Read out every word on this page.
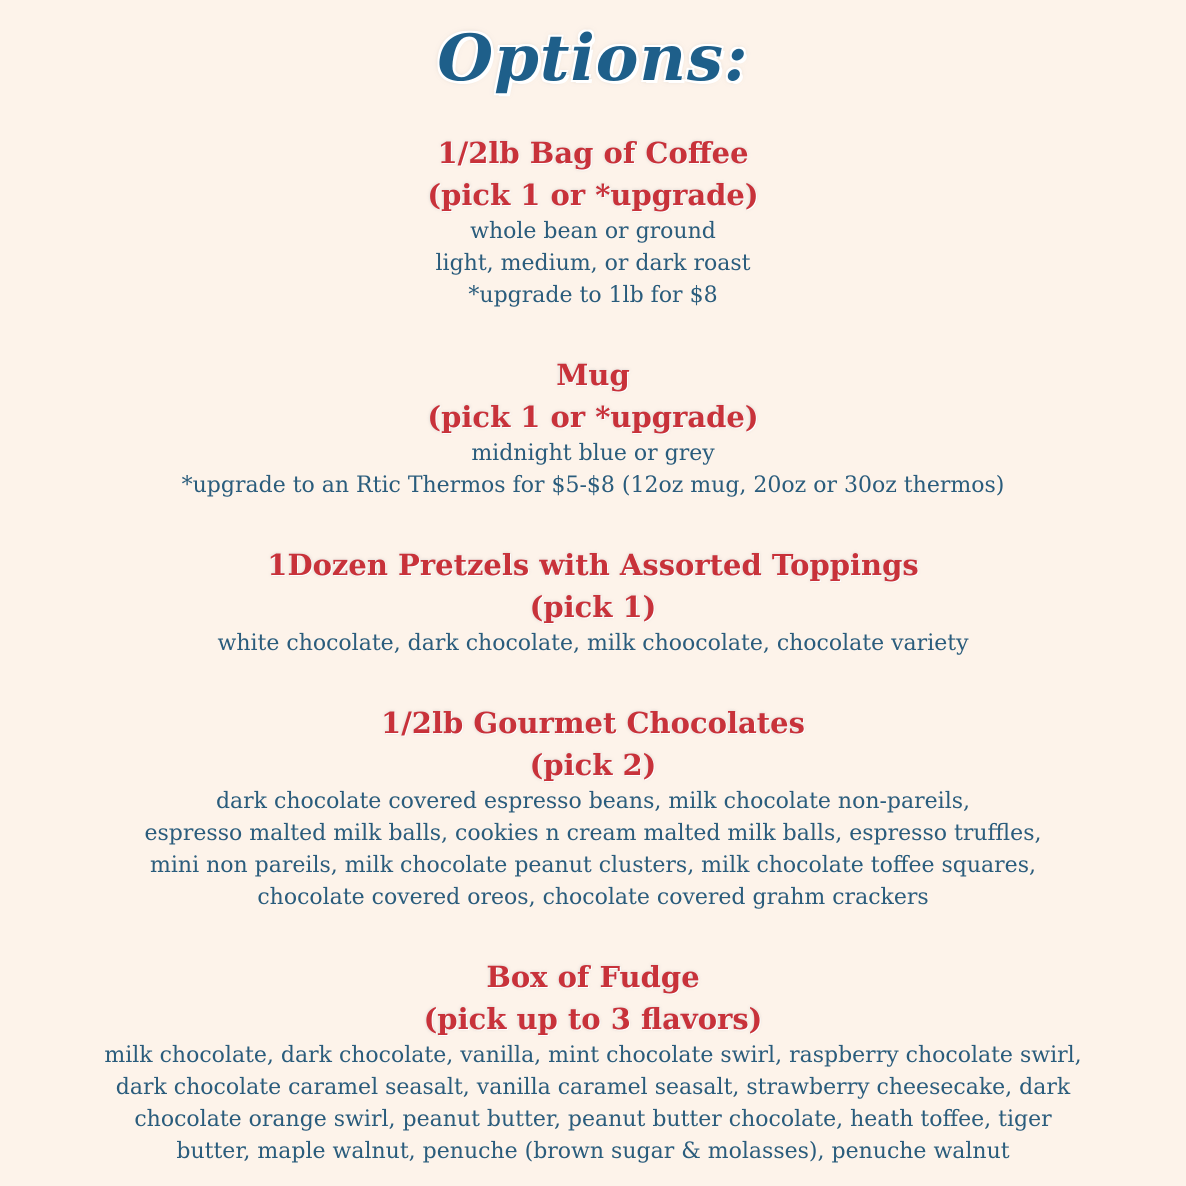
Options:

1/2lb Bag of Coffee

(pick 1 or *upgrade)

whole bean or ground

light, medium, or dark roast

*upgrade to 1lb for $8

Mug

(pick 1 or *upgrade)

midnight blue or grey

*upgrade to an Rtic Thermos for $5-$8 (12oz mug, 20oz or 30oz thermos)

1Dozen Pretzels with Assorted Toppings

(pick 1)

white chocolate, dark chocolate, milk choocolate, chocolate variety

1/2lb Gourmet Chocolates

(pick 2)

dark chocolate covered espresso beans, milk chocolate non-pareils,

espresso malted milk balls, cookies n cream malted milk balls, espresso truffles,

mini non pareils, milk chocolate peanut clusters, milk chocolate toffee squares,

chocolate covered oreos, chocolate covered grahm crackers

Box of Fudge

(pick up to 3 flavors)

milk chocolate, dark chocolate, vanilla, mint chocolate swirl, raspberry chocolate swirl,

dark chocolate caramel seasalt, vanilla caramel seasalt, strawberry cheesecake, dark

chocolate orange swirl, peanut butter, peanut butter chocolate, heath toffee, tiger

butter, maple walnut, penuche (brown sugar & molasses), penuche walnut
